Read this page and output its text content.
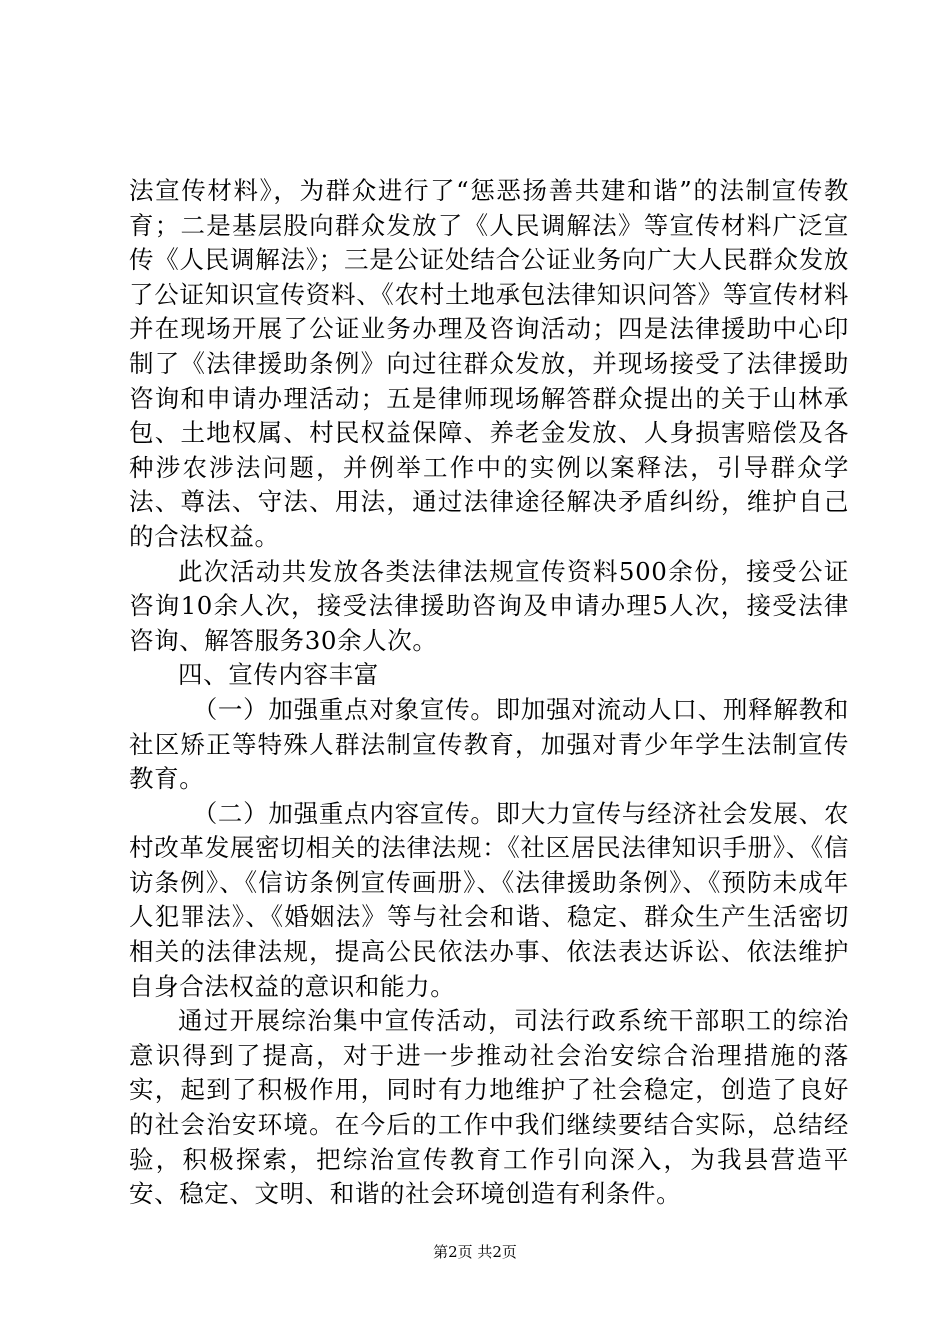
法宣传材料》，为群众进行了“惩恶扬善共建和谐”的法制宣传教育；二是基层股向群众发放了《人民调解法》等宣传材料广泛宣传《人民调解法》；三是公证处结合公证业务向广大人民群众发放了公证知识宣传资料、《农村土地承包法律知识问答》等宣传材料并在现场开展了公证业务办理及咨询活动；四是法律援助中心印制了《法律援助条例》向过往群众发放，并现场接受了法律援助咨询和申请办理活动；五是律师现场解答群众提出的关于山林承包、土地权属、村民权益保障、养老金发放、人身损害赔偿及各种涉农涉法问题，并例举工作中的实例以案释法，引导群众学法、尊法、守法、用法，通过法律途径解决矛盾纠纷，维护自己的合法权益。

此次活动共发放各类法律法规宣传资料500余份，接受公证咨询10余人次，接受法律援助咨询及申请办理5人次，接受法律咨询、解答服务30余人次。

四、宣传内容丰富

（一）加强重点对象宣传。即加强对流动人口、刑释解教和社区矫正等特殊人群法制宣传教育，加强对青少年学生法制宣传教育。

（二）加强重点内容宣传。即大力宣传与经济社会发展、农村改革发展密切相关的法律法规：《社区居民法律知识手册》、《信访条例》、《信访条例宣传画册》、《法律援助条例》、《预防未成年人犯罪法》、《婚姻法》等与社会和谐、稳定、群众生产生活密切相关的法律法规，提高公民依法办事、依法表达诉讼、依法维护自身合法权益的意识和能力。

通过开展综治集中宣传活动，司法行政系统干部职工的综治意识得到了提高，对于进一步推动社会治安综合治理措施的落实，起到了积极作用，同时有力地维护了社会稳定，创造了良好的社会治安环境。在今后的工作中我们继续要结合实际，总结经验，积极探索，把综治宣传教育工作引向深入，为我县营造平安、稳定、文明、和谐的社会环境创造有利条件。

第2页 共2页
